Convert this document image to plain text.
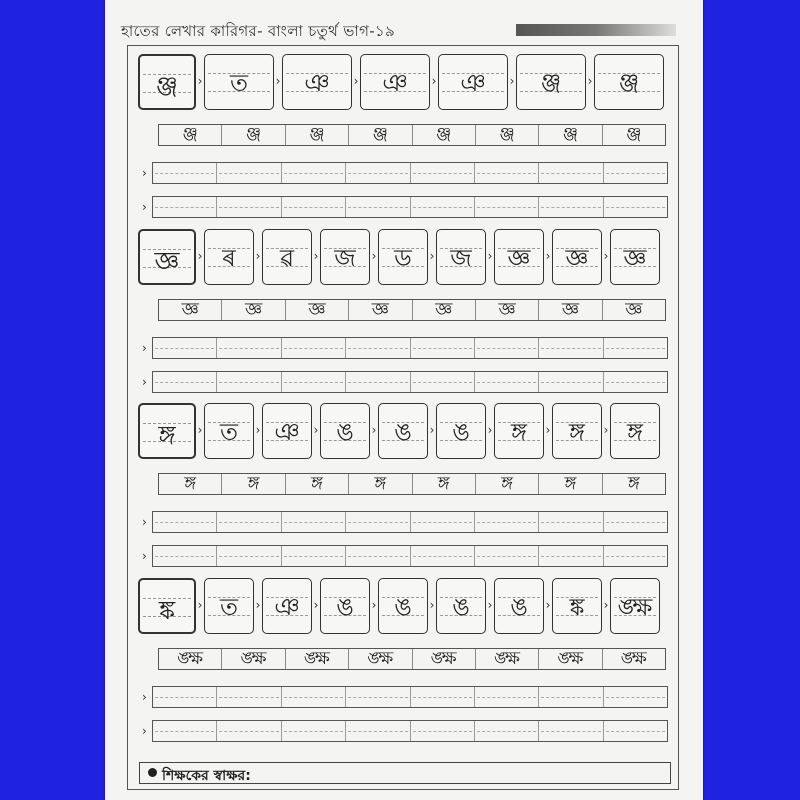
হাতের লেখার কারিগর- বাংলা চতুর্থ ভাগ-১৯
ঞ্জ	›	ত	› ঞ	› ঞ	› ঞ	›	ঞ্জ	›	ঞ্জ
ঞ্জ	ঞ্জ	ঞ্জ	ঞ্জ	ঞ্জ	ঞ্জ	ঞ্জ	ঞ্জ
›
›
জ্ঞ	› ৰ	› ৱ	› জ	› ড	› জ	› জ্ঞ	› জ্ঞ	› জ্ঞ
জ্ঞ	জ্ঞ	জ্ঞ	জ্ঞ	জ্ঞ	জ্ঞ	জ্ঞ	জ্ঞ
›
›
ঙ্গ	› ত	› ঞ	› ঙ	› ঙ	› ঙ	› ঙ্গ	› ঙ্গ	› ঙ্গ
ঙ্গ	ঙ্গ	ঙ্গ	ঙ্গ	ঙ্গ	ঙ্গ	ঙ্গ	ঙ্গ
›
›
ঙ্ক	› ত	› ঞ	› ঙ	› ঙ	› ঙ	› ঙ	› ঙ্ক	› ঙ্ক্ষ
ঙ্ক্ষ	ঙ্ক্ষ	ঙ্ক্ষ	ঙ্ক্ষ	ঙ্ক্ষ	ঙ্ক্ষ	ঙ্ক্ষ	ঙ্ক্ষ
›
›
শিক্ষকের স্বাক্ষর:
